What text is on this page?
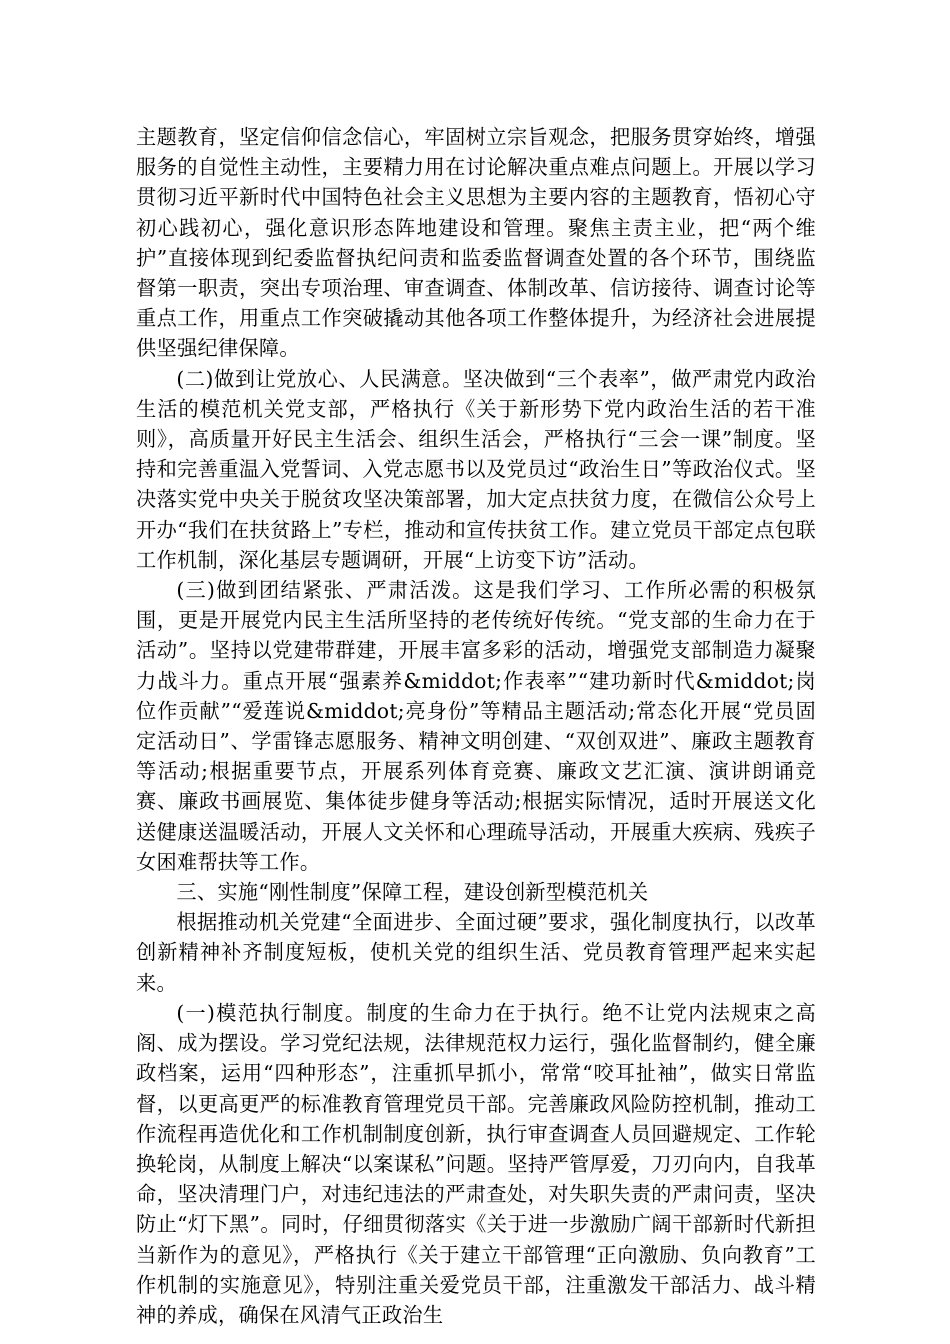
主题教育，坚定信仰信念信心，牢固树立宗旨观念，把服务贯穿始终，增强服务的自觉性主动性，主要精力用在讨论解决重点难点问题上。开展以学习贯彻习近平新时代中国特色社会主义思想为主要内容的主题教育，悟初心守初心践初心，强化意识形态阵地建设和管理。聚焦主责主业，把“两个维护”直接体现到纪委监督执纪问责和监委监督调查处置的各个环节，围绕监督第一职责，突出专项治理、审查调查、体制改革、信访接待、调查讨论等重点工作，用重点工作突破撬动其他各项工作整体提升，为经济社会进展提供坚强纪律保障。

(二)做到让党放心、人民满意。坚决做到“三个表率”，做严肃党内政治生活的模范机关党支部，严格执行《关于新形势下党内政治生活的若干准则》，高质量开好民主生活会、组织生活会，严格执行“三会一课”制度。坚持和完善重温入党誓词、入党志愿书以及党员过“政治生日”等政治仪式。坚决落实党中央关于脱贫攻坚决策部署，加大定点扶贫力度，在微信公众号上开办“我们在扶贫路上”专栏，推动和宣传扶贫工作。建立党员干部定点包联工作机制，深化基层专题调研，开展“上访变下访”活动。

(三)做到团结紧张、严肃活泼。这是我们学习、工作所必需的积极氛围，更是开展党内民主生活所坚持的老传统好传统。“党支部的生命力在于活动”。坚持以党建带群建，开展丰富多彩的活动，增强党支部制造力凝聚力战斗力。重点开展“强素养&middot;作表率”“建功新时代&middot;岗位作贡献”“爱莲说&middot;亮身份”等精品主题活动;常态化开展“党员固定活动日”、学雷锋志愿服务、精神文明创建、“双创双进”、廉政主题教育等活动;根据重要节点，开展系列体育竞赛、廉政文艺汇演、演讲朗诵竞赛、廉政书画展览、集体徒步健身等活动;根据实际情况，适时开展送文化送健康送温暖活动，开展人文关怀和心理疏导活动，开展重大疾病、残疾子女困难帮扶等工作。

三、实施“刚性制度”保障工程，建设创新型模范机关

根据推动机关党建“全面进步、全面过硬”要求，强化制度执行，以改革创新精神补齐制度短板，使机关党的组织生活、党员教育管理严起来实起来。

(一)模范执行制度。制度的生命力在于执行。绝不让党内法规束之高阁、成为摆设。学习党纪法规，法律规范权力运行，强化监督制约，健全廉政档案，运用“四种形态”，注重抓早抓小，常常“咬耳扯袖”，做实日常监督，以更高更严的标准教育管理党员干部。完善廉政风险防控机制，推动工作流程再造优化和工作机制制度创新，执行审查调查人员回避规定、工作轮换轮岗，从制度上解决“以案谋私”问题。坚持严管厚爱，刀刃向内，自我革命，坚决清理门户，对违纪违法的严肃查处，对失职失责的严肃问责，坚决防止“灯下黑”。同时，仔细贯彻落实《关于进一步激励广阔干部新时代新担当新作为的意见》，严格执行《关于建立干部管理“正向激励、负向教育”工作机制的实施意见》，特别注重关爱党员干部，注重激发干部活力、战斗精神的养成，确保在风清气正政治生
